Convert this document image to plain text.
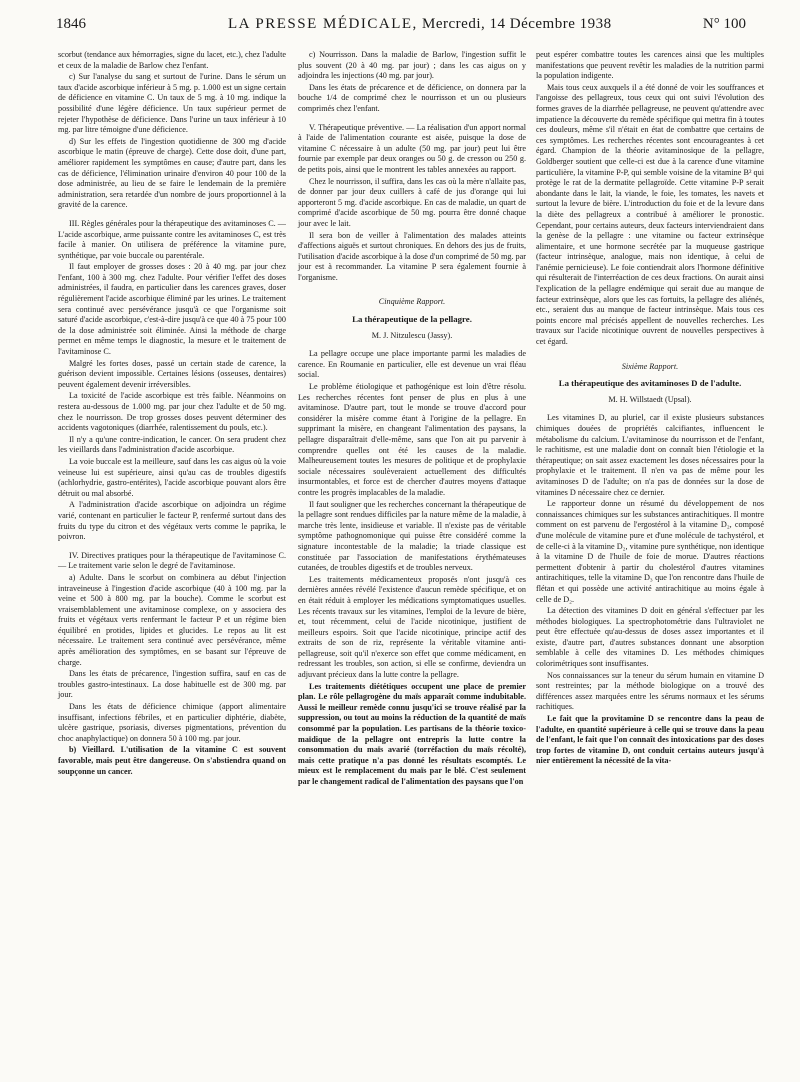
1846	LA PRESSE MÉDICALE, Mercredi, 14 Décembre 1938	N° 100

scorbut (tendance aux hémorragies, signe du lacet, etc.), chez l'adulte et ceux de la maladie de Barlow chez l'enfant.

c) Sur l'analyse du sang et surtout de l'urine. Dans le sérum un taux d'acide ascorbique inférieur à 5 mg. p. 1.000 est un signe certain de déficience en vitamine C. Un taux de 5 mg. à 10 mg. indique la possibilité d'une légère déficience. Un taux supérieur permet de rejeter l'hypothèse de déficience. Dans l'urine un taux inférieur à 10 mg. par litre témoigne d'une déficience.

d) Sur les effets de l'ingestion quotidienne de 300 mg d'acide ascorbique le matin (épreuve de charge). Cette dose doit, d'une part, améliorer rapidement les symptômes en cause; d'autre part, dans les cas de déficience, l'élimination urinaire d'environ 40 pour 100 de la dose administrée, au lieu de se faire le lendemain de la première administration, sera retardée d'un nombre de jours proportionnel à la gravité de la carence.

III. Règles générales pour la thérapeutique des avitaminoses C. — L'acide ascorbique, arme puissante contre les avitaminoses C, est très facile à manier. On utilisera de préférence la vitamine pure, synthétique, par voie buccale ou parentérale.

Il faut employer de grosses doses : 20 à 40 mg. par jour chez l'enfant, 100 à 300 mg. chez l'adulte. Pour vérifier l'effet des doses administrées, il faudra, en particulier dans les carences graves, doser régulièrement l'acide ascorbique éliminé par les urines. Le traitement sera continué avec persévérance jusqu'à ce que l'organisme soit saturé d'acide ascorbique, c'est-à-dire jusqu'à ce que 40 à 75 pour 100 de la dose administrée soit éliminée. Ainsi la méthode de charge permet en même temps le diagnostic, la mesure et le traitement de l'avitaminose C.

Malgré les fortes doses, passé un certain stade de carence, la guérison devient impossible. Certaines lésions (osseuses, dentaires) peuvent également devenir irréversibles.

La toxicité de l'acide ascorbique est très faible. Néanmoins on restera au-dessous de 1.000 mg. par jour chez l'adulte et de 50 mg. chez le nourrisson. De trop grosses doses peuvent déterminer des accidents vagotoniques (diarrhée, ralentissement du pouls, etc.).

Il n'y a qu'une contre-indication, le cancer. On sera prudent chez les vieillards dans l'administration d'acide ascorbique.

La voie buccale est la meilleure, sauf dans les cas aigus où la voie veineuse lui est supérieure, ainsi qu'au cas de troubles digestifs (achlorhydrie, gastro-entérites), l'acide ascorbique pouvant alors être détruit ou mal absorbé.

A l'administration d'acide ascorbique on adjoindra un régime varié, contenant en particulier le facteur P, renfermé surtout dans des fruits du type du citron et des végétaux verts comme le paprika, le poivron.

IV. Directives pratiques pour la thérapeutique de l'avitaminose C. — Le traitement varie selon le degré de l'avitaminose.

a) Adulte. Dans le scorbut on combinera au début l'injection intraveineuse à l'ingestion d'acide ascorbique (40 à 100 mg. par la veine et 500 à 800 mg. par la bouche). Comme le scorbut est vraisemblablement une avitaminose complexe, on y associera des fruits et végétaux verts renfermant le facteur P et un régime bien équilibré en protides, lipides et glucides. Le repos au lit est nécessaire. Le traitement sera continué avec persévérance, même après amélioration des symptômes, en se basant sur l'épreuve de charge.

Dans les états de précarence, l'ingestion suffira, sauf en cas de troubles gastro-intestinaux. La dose habituelle est de 300 mg. par jour.

Dans les états de déficience chimique (apport alimentaire insuffisant, infections fébriles, et en particulier diphtérie, diabète, ulcère gastrique, psoriasis, diverses pigmentations, prévention du choc anaphylactique) on donnera 50 à 100 mg. par jour.

b) Vieillard. L'utilisation de la vitamine C est souvent favorable, mais peut être dangereuse. On s'abstiendra quand on soupçonne un cancer.

c) Nourrisson. Dans la maladie de Barlow, l'ingestion suffit le plus souvent (20 à 40 mg. par jour) ; dans les cas aigus on y adjoindra les injections (40 mg. par jour).

Dans les états de précarence et de déficience, on donnera par la bouche 1/4 de comprimé chez le nourrisson et un ou plusieurs comprimés chez l'enfant.

V. Thérapeutique préventive. — La réalisation d'un apport normal à l'aide de l'alimentation courante est aisée, puisque la dose de vitamine C nécessaire à un adulte (50 mg. par jour) peut lui être fournie par exemple par deux oranges ou 50 g. de cresson ou 250 g. de petits pois, ainsi que le montrent les tables annexées au rapport.

Chez le nourrisson, il suffira, dans les cas où la mère n'allaite pas, de donner par jour deux cuillers à café de jus d'orange qui lui apporteront 5 mg. d'acide ascorbique. En cas de maladie, un quart de comprimé d'acide ascorbique de 50 mg. pourra être donné chaque jour avec le lait.

Il sera bon de veiller à l'alimentation des malades atteints d'affections aiguës et surtout chroniques. En dehors des jus de fruits, l'utilisation d'acide ascorbique à la dose d'un comprimé de 50 mg. par jour est à recommander. La vitamine P sera également fournie à l'organisme.

Cinquième Rapport.

La thérapeutique de la pellagre.

M. J. Nitzulescu (Jassy).

La pellagre occupe une place importante parmi les maladies de carence. En Roumanie en particulier, elle est devenue un vrai fléau social.

Le problème étiologique et pathogénique est loin d'être résolu. Les recherches récentes font penser de plus en plus à une avitaminose. D'autre part, tout le monde se trouve d'accord pour considérer la misère comme étant à l'origine de la pellagre. En supprimant la misère, en changeant l'alimentation des paysans, la pellagre disparaîtrait d'elle-même, sans que l'on ait pu parvenir à comprendre quelles ont été les causes de la maladie. Malheureusement toutes les mesures de politique et de prophylaxie sociale nécessaires soulèveraient actuellement des difficultés insurmontables, et force est de chercher d'autres moyens d'attaque contre les progrès implacables de la maladie.

Il faut souligner que les recherches concernant la thérapeutique de la pellagre sont rendues difficiles par la nature même de la maladie, à marche très lente, insidieuse et variable. Il n'existe pas de véritable symptôme pathognomonique qui puisse être considéré comme la signature incontestable de la maladie; la triade classique est constituée par l'association de manifestations érythémateuses cutanées, de troubles digestifs et de troubles nerveux.

Les traitements médicamenteux proposés n'ont jusqu'à ces dernières années révélé l'existence d'aucun remède spécifique, et on en était réduit à employer les médications symptomatiques usuelles. Les récents travaux sur les vitamines, l'emploi de la levure de bière, et, tout récemment, celui de l'acide nicotinique, justifient de meilleurs espoirs. Soit que l'acide nicotinique, principe actif des extraits de son de riz, représente la véritable vitamine anti-pellagreuse, soit qu'il n'exerce son effet que comme médicament, en redressant les troubles, son action, si elle se confirme, deviendra un adjuvant précieux dans la lutte contre la pellagre.

Les traitements diététiques occupent une place de premier plan. Le rôle pellagrogène du maïs apparaît comme indubitable. Aussi le meilleur remède connu jusqu'ici se trouve réalisé par la suppression, ou tout au moins la réduction de la quantité de maïs consommé par la population. Les partisans de la théorie toxico-maïdique de la pellagre ont entrepris la lutte contre la consommation du maïs avarié (torréfaction du maïs récolté), mais cette pratique n'a pas donné les résultats escomptés. Le mieux est le remplacement du maïs par le blé. C'est seulement par le changement radical de l'alimentation des paysans que l'on

peut espérer combattre toutes les carences ainsi que les multiples manifestations que peuvent revêtir les maladies de la nutrition parmi la population indigente.

Mais tous ceux auxquels il a été donné de voir les souffrances et l'angoisse des pellagreux, tous ceux qui ont suivi l'évolution des formes graves de la diarrhée pellagreuse, ne peuvent qu'attendre avec impatience la découverte du remède spécifique qui mettra fin à toutes ces douleurs, même s'il n'était en état de combattre que certains de ces symptômes. Les recherches récentes sont encourageantes à cet égard. Champion de la théorie avitaminosique de la pellagre, Goldberger soutient que celle-ci est due à la carence d'une vitamine particulière, la vitamine P-P, qui semble voisine de la vitamine B² qui protège le rat de la dermatite pellagroïde. Cette vitamine P-P serait abondante dans le lait, la viande, le foie, les tomates, les navets et surtout la levure de bière. L'introduction du foie et de la levure dans la diète des pellagreux a contribué à améliorer le pronostic. Cependant, pour certains auteurs, deux facteurs interviendraient dans la genèse de la pellagre : une vitamine ou facteur extrinsèque alimentaire, et une hormone secrétée par la muqueuse gastrique (facteur intrinsèque, analogue, mais non identique, à celui de l'anémie pernicieuse). Le foie contiendrait alors l'hormone définitive qui résulterait de l'interréaction de ces deux fractions. On aurait ainsi l'explication de la pellagre endémique qui serait due au manque de facteur extrinsèque, alors que les cas fortuits, la pellagre des aliénés, etc., seraient dus au manque de facteur intrinsèque. Mais tous ces points encore mal précisés appellent de nouvelles recherches. Les travaux sur l'acide nicotinique ouvrent de nouvelles perspectives à cet égard.

Sixième Rapport.

La thérapeutique des avitaminoses D de l'adulte.

M. H. Willstaedt (Upsal).

Les vitamines D, au pluriel, car il existe plusieurs substances chimiques douées de propriétés calcifiantes, influencent le métabolisme du calcium. L'avitaminose du nourrisson et de l'enfant, le rachitisme, est une maladie dont on connaît bien l'étiologie et la thérapeutique; on sait assez exactement les doses nécessaires pour la prophylaxie et le traitement. Il n'en va pas de même pour les avitaminoses D de l'adulte; on n'a pas de données sur la dose de vitamines D nécessaire chez ce dernier.

Le rapporteur donne un résumé du développement de nos connaissances chimiques sur les substances antirachitiques. Il montre comment on est parvenu de l'ergostérol à la vitamine D₂, composé d'une molécule de vitamine pure et d'une molécule de tachystérol, et de celle-ci à la vitamine D₂, vitamine pure synthétique, non identique à la vitamine D de l'huile de foie de morue. D'autres réactions permettent d'obtenir à partir du cholestérol d'autres vitamines antirachitiques, telle la vitamine D₃ que l'on rencontre dans l'huile de flétan et qui possède une activité antirachitique au moins égale à celle de D₂.

La détection des vitamines D doit en général s'effectuer par les méthodes biologiques. La spectrophotométrie dans l'ultraviolet ne peut être effectuée qu'au-dessus de doses assez importantes et il existe, d'autre part, d'autres substances donnant une absorption semblable à celle des vitamines D. Les méthodes chimiques colorimétriques sont insuffisantes.

Nos connaissances sur la teneur du sérum humain en vitamine D sont restreintes; par la méthode biologique on a trouvé des différences assez marquées entre les sérums normaux et les sérums rachitiques.

Le fait que la provitamine D se rencontre dans la peau de l'adulte, en quantité supérieure à celle qui se trouve dans la peau de l'enfant, le fait que l'on connaît des intoxications par des doses trop fortes de vitamine D, ont conduit certains auteurs jusqu'à nier entièrement la nécessité de la vita-
